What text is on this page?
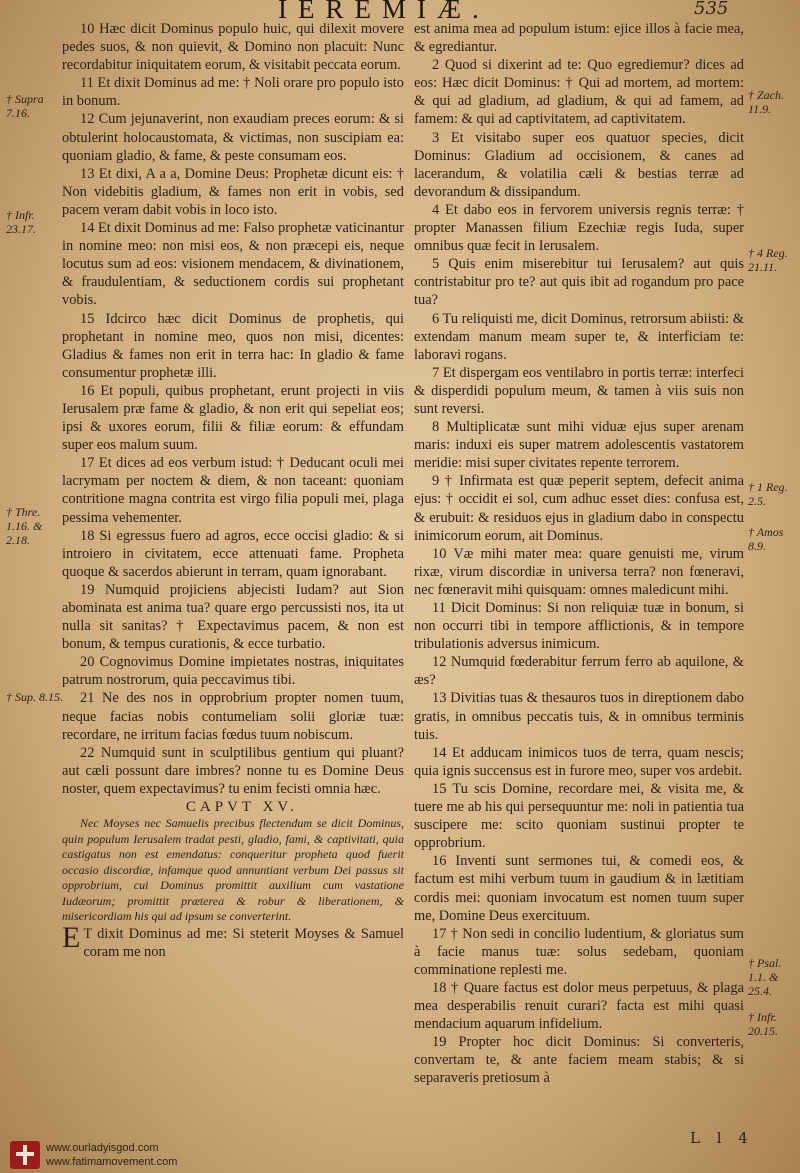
IEREMIÆ.	535

10 Hæc dicit Dominus populo huic, qui dilexit movere pedes suos, & non quievit, & Domino non placuit: Nunc recordabitur iniquitatem eorum, & visitabit peccata eorum.

11 Et dixit Dominus ad me: † Noli orare pro populo isto in bonum.

12 Cum jejunaverint, non exaudiam preces eorum: & si obtulerint holocaustomata, & victimas, non suscipiam ea: quoniam gladio, & fame, & peste consumam eos.

13 Et dixi, A a a, Domine Deus: Prophetæ dicunt eis: † Non videbitis gladium, & fames non erit in vobis, sed pacem veram dabit vobis in loco isto.

14 Et dixit Dominus ad me: Falso prophetæ vaticinantur in nomine meo: non misi eos, & non præcepi eis, neque locutus sum ad eos: visionem mendacem, & divinationem, & fraudulentiam, & seductionem cordis sui prophetant vobis.

15 Idcirco hæc dicit Dominus de prophetis, qui prophetant in nomine meo, quos non misi, dicentes: Gladius & fames non erit in terra hac: In gladio & fame consumentur prophetæ illi.

16 Et populi, quibus prophetant, erunt projecti in viis Ierusalem præ fame & gladio, & non erit qui sepeliat eos; ipsi & uxores eorum, filii & filiæ eorum: & effundam super eos malum suum.

17 Et dices ad eos verbum istud: † Deducant oculi mei lacrymam per noctem & diem, & non taceant: quoniam contritione magna contrita est virgo filia populi mei, plaga pessima vehementer.

18 Si egressus fuero ad agros, ecce occisi gladio: & si introiero in civitatem, ecce attenuati fame. Propheta quoque & sacerdos abierunt in terram, quam ignorabant.

19 Numquid projiciens abjecisti Iudam? aut Sion abominata est anima tua? quare ergo percussisti nos, ita ut nulla sit sanitas? † Expectavimus pacem, & non est bonum, & tempus curationis, & ecce turbatio.

20 Cognovimus Domine impietates nostras, iniquitates patrum nostrorum, quia peccavimus tibi.

21 Ne des nos in opprobrium propter nomen tuum, neque facias nobis contumeliam solii gloriæ tuæ: recordare, ne irritum facias fœdus tuum nobiscum.

22 Numquid sunt in sculptilibus gentium qui pluant? aut cæli possunt dare imbres? nonne tu es Domine Deus noster, quem expectavimus? tu enim fecisti omnia hæc.

CAPVT XV.

Nec Moyses nec Samuelis precibus flectendum se dicit Dominus, quin populum Ierusalem tradat pesti, gladio, fami, & captivitati, quia castigatus non est emendatus: conqueritur propheta quod fuerit occasio discordiæ, infamque quod annuntiant verbum Dei passus sit opprobrium, cui Dominus promittit auxilium cum vastatione Iudæorum; promittit præterea & robur & liberationem, & misericordiam his qui ad ipsum se converterint.

E T dixit Dominus ad me: Si steterit Moyses & Samuel coram me non

est anima mea ad populum istum: ejice illos à facie mea, & egrediantur.

2 Quod si dixerint ad te: Quo egrediemur? dices ad eos: Hæc dicit Dominus: † Qui ad mortem, ad mortem: & qui ad gladium, ad gladium, & qui ad famem, ad famem: & qui ad captivitatem, ad captivitatem.

3 Et visitabo super eos quatuor species, dicit Dominus: Gladium ad occisionem, & canes ad lacerandum, & volatilia cæli & bestias terræ ad devorandum & dissipandum.

4 Et dabo eos in fervorem universis regnis terræ: † propter Manassen filium Ezechiæ regis Iuda, super omnibus quæ fecit in Ierusalem.

5 Quis enim miserebitur tui Ierusalem? aut quis contristabitur pro te? aut quis ibit ad rogandum pro pace tua?

6 Tu reliquisti me, dicit Dominus, retrorsum abiisti: & extendam manum meam super te, & interficiam te: laboravi rogans.

7 Et dispergam eos ventilabro in portis terræ: interfeci & disperdidi populum meum, & tamen à viis suis non sunt reversi.

8 Multiplicatæ sunt mihi viduæ ejus super arenam maris: induxi eis super matrem adolescentis vastatorem meridie: misi super civitates repente terrorem.

9 † Infirmata est quæ peperit septem, defecit anima ejus: † occidit ei sol, cum adhuc esset dies: confusa est, & erubuit: & residuos ejus in gladium dabo in conspectu inimicorum eorum, ait Dominus.

10 Væ mihi mater mea: quare genuisti me, virum rixæ, virum discordiæ in universa terra? non fœneravi, nec fœneravit mihi quisquam: omnes maledicunt mihi.

11 Dicit Dominus: Si non reliquiæ tuæ in bonum, si non occurri tibi in tempore afflictionis, & in tempore tribulationis adversus inimicum.

12 Numquid fœderabitur ferrum ferro ab aquilone, & æs?

13 Divitias tuas & thesauros tuos in direptionem dabo gratis, in omnibus peccatis tuis, & in omnibus terminis tuis.

14 Et adducam inimicos tuos de terra, quam nescis; quia ignis succensus est in furore meo, super vos ardebit.

15 Tu scis Domine, recordare mei, & visita me, & tuere me ab his qui persequuntur me: noli in patientia tua suscipere me: scito quoniam sustinui propter te opprobrium.

16 Inventi sunt sermones tui, & comedi eos, & factum est mihi verbum tuum in gaudium & in lætitiam cordis mei: quoniam invocatum est nomen tuum super me, Domine Deus exercituum.

17 † Non sedi in concilio ludentium, & gloriatus sum à facie manus tuæ: solus sedebam, quoniam comminatione replesti me.

18 † Quare factus est dolor meus perpetuus, & plaga mea desperabilis renuit curari? facta est mihi quasi mendacium aquarum infidelium.

19 Propter hoc dicit Dominus: Si converteris, convertam te, & ante faciem meam stabis; & si separaveris pretiosum à

† Supra 7.16.
† Infr. 23.17.
† Thre. 1.16. & 2.18.
† Sup. 8.15.
† Zach. 11.9.
† 4 Reg. 21.11.
† 1 Reg. 2.5.
† Amos 8.9.
† Psal. 1.1. & 25.4.
† Infr. 20.15.
L l 4
www.ourladyisgod.com
www.fatimamovement.com
